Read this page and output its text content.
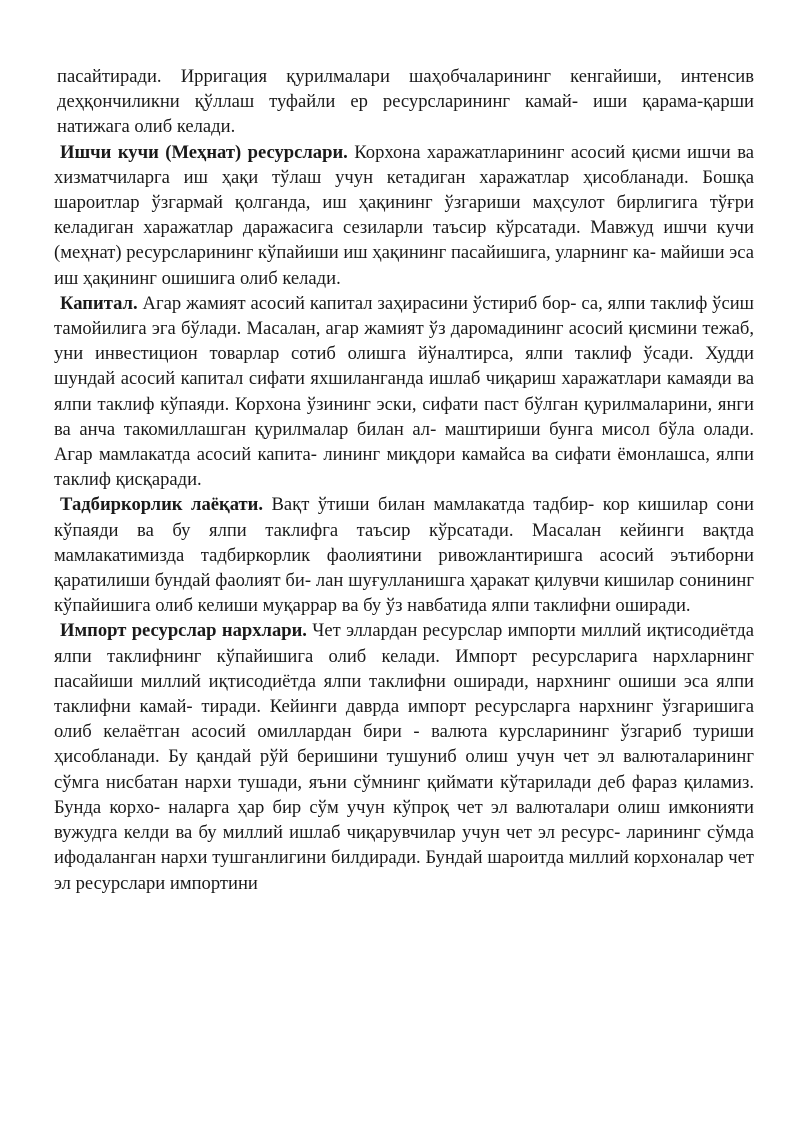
пасайтиради. Ирригация қурилмалари шаҳобчаларининг кенгайиши, интенсив деҳқончиликни қўллаш туфайли ер ресурсларининг камай- иши қарама-қарши натижага олиб келади.

Ишчи кучи (Меҳнат) ресурслари. Корхона харажатларининг асосий қисми ишчи ва хизматчиларга иш ҳақи тўлаш учун кетадиган харажатлар ҳисобланади. Бошқа шароитлар ўзгармай қолганда, иш ҳақининг ўзгариши маҳсулот бирлигига тўғри келадиган харажатлар даражасига сезиларли таъсир кўрсатади. Мавжуд ишчи кучи (меҳнат) ресурсларининг кўпайиши иш ҳақининг пасайишига, уларнинг ка- майиши эса иш ҳақининг ошишига олиб келади.

Капитал. Агар жамият асосий капитал заҳирасини ўстириб бор- са, ялпи таклиф ўсиш тамойилига эга бўлади. Масалан, агар жамият ўз даромадининг асосий қисмини тежаб, уни инвестицион товарлар сотиб олишга йўналтирса, ялпи таклиф ўсади. Худди шундай асосий капитал сифати яхшиланганда ишлаб чиқариш харажатлари камаяди ва ялпи таклиф кўпаяди. Корхона ўзининг эски, сифати паст бўлган қурилмаларини, янги ва анча такомиллашган қурилмалар билан ал- маштириши бунга мисол бўла олади. Агар мамлакатда асосий капита- лининг миқдори камайса ва сифати ёмонлашса, ялпи таклиф қисқаради.

Тадбиркорлик лаёқати. Вақт ўтиши билан мамлакатда тадбир- кор кишилар сони кўпаяди ва бу ялпи таклифга таъсир кўрсатади. Масалан кейинги вақтда мамлакатимизда тадбиркорлик фаолиятини ривожлантиришга асосий эътиборни қаратилиши бундай фаолият би- лан шуғулланишга ҳаракат қилувчи кишилар сонининг кўпайишига олиб келиши муқаррар ва бу ўз навбатида ялпи таклифни оширади.

Импорт ресурслар нархлари. Чет эллардан ресурслар импорти миллий иқтисодиётда ялпи таклифнинг кўпайишига олиб келади. Импорт ресурсларига нархларнинг пасайиши миллий иқтисодиётда ялпи таклифни оширади, нархнинг ошиши эса ялпи таклифни камай- тиради. Кейинги даврда импорт ресурсларга нархнинг ўзгаришига олиб келаётган асосий омиллардан бири - валюта курсларининг ўзгариб туриши ҳисобланади. Бу қандай рўй беришини тушуниб олиш учун чет эл валюталарининг сўмга нисбатан нархи тушади, яъни сўмнинг қиймати кўтарилади деб фараз қиламиз. Бунда корхо- наларга ҳар бир сўм учун кўпроқ чет эл валюталари олиш имконияти вужудга келди ва бу миллий ишлаб чиқарувчилар учун чет эл ресурс- ларининг сўмда ифодаланган нархи тушганлигини билдиради. Бундай шароитда миллий корхоналар чет эл ресурслари импортини
